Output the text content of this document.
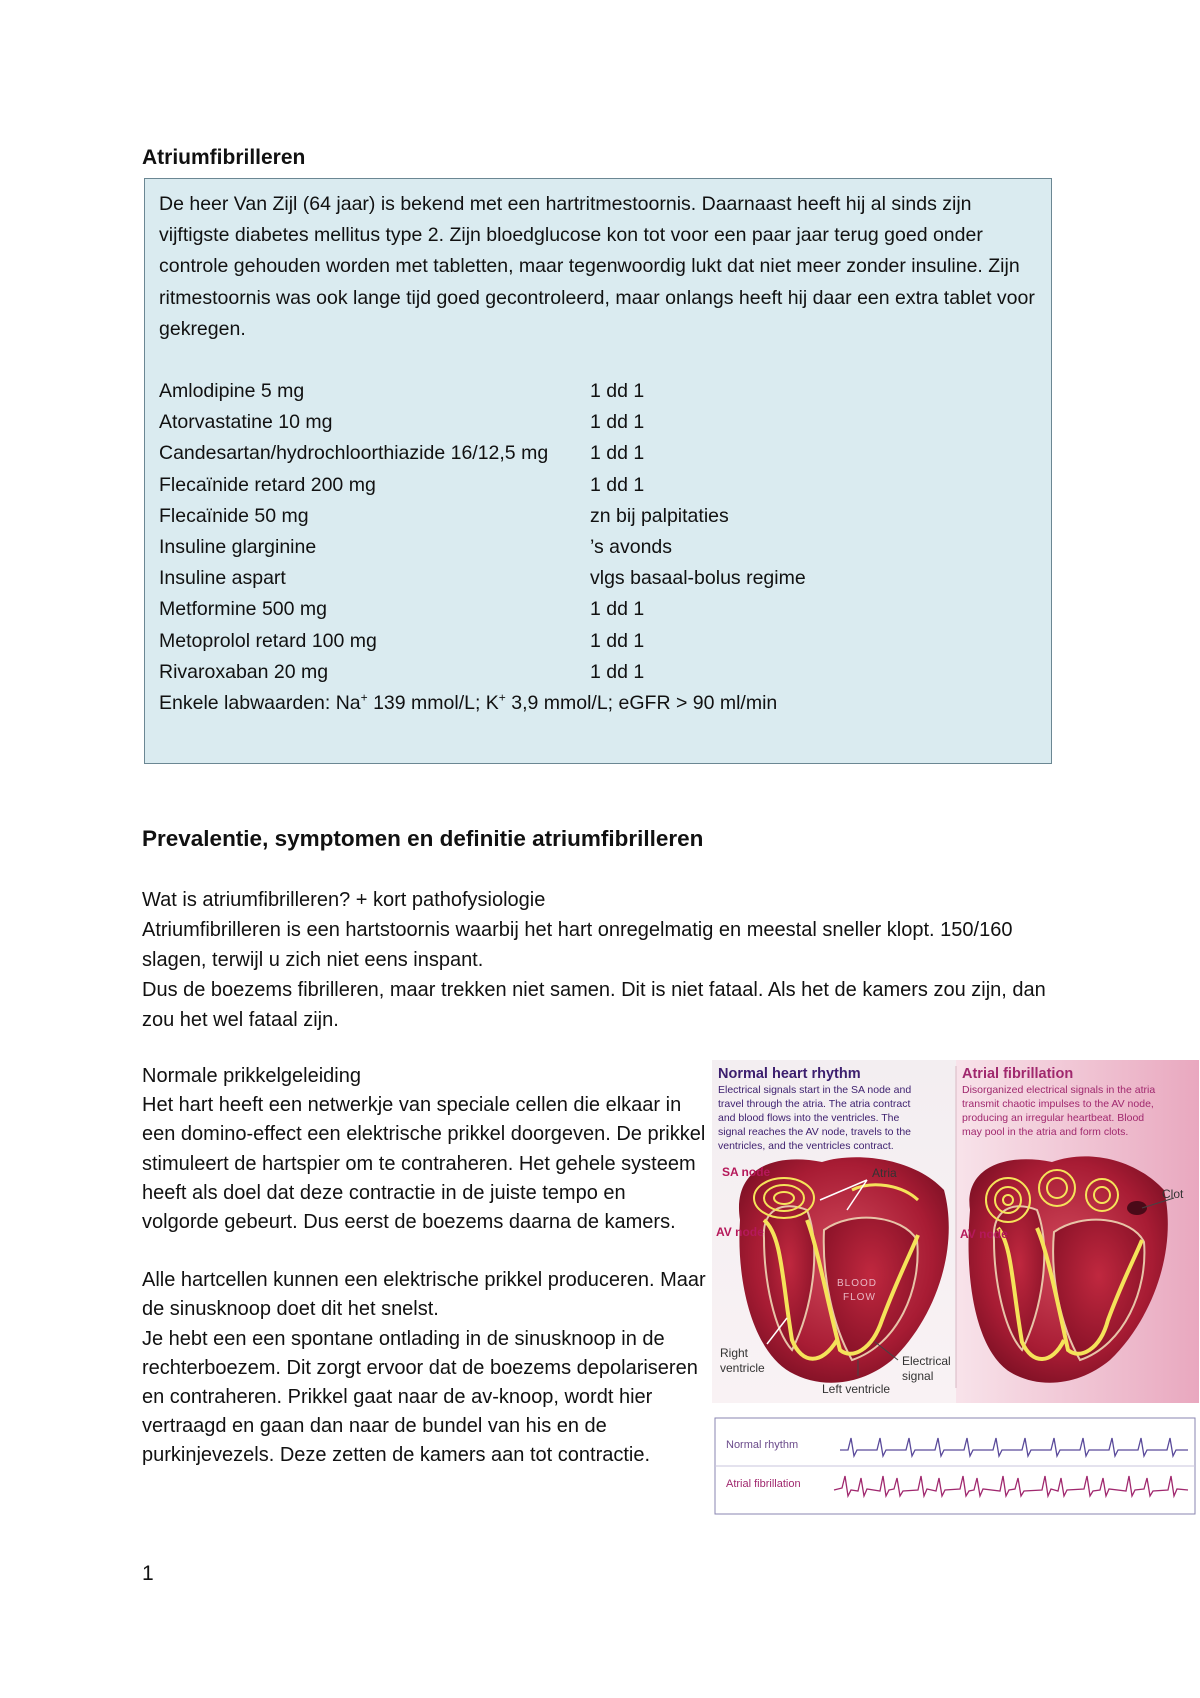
Atriumfibrilleren

De heer Van Zijl (64 jaar) is bekend met een hartritmestoornis. Daarnaast heeft hij al sinds zijn vijftigste diabetes mellitus type 2. Zijn bloedglucose kon tot voor een paar jaar terug goed onder controle gehouden worden met tabletten, maar tegenwoordig lukt dat niet meer zonder insuline. Zijn ritmestoornis was ook lange tijd goed gecontroleerd, maar onlangs heeft hij daar een extra tablet voor gekregen.

Amlodipine 5 mg	1 dd 1
Atorvastatine 10 mg	1 dd 1
Candesartan/hydrochloorthiazide 16/12,5 mg	1 dd 1
Flecaïnide retard 200 mg	1 dd 1
Flecaïnide 50 mg	zn bij palpitaties
Insuline glarginine	’s avonds
Insuline aspart	vlgs basaal-bolus regime
Metformine 500 mg	1 dd 1
Metoprolol retard 100 mg	1 dd 1
Rivaroxaban 20 mg	1 dd 1

Enkele labwaarden: Na+ 139 mmol/L; K+ 3,9 mmol/L; eGFR > 90 ml/min

Prevalentie, symptomen en definitie atriumfibrilleren

Wat is atriumfibrilleren? + kort pathofysiologie

Atriumfibrilleren is een hartstoornis waarbij het hart onregelmatig en meestal sneller klopt. 150/160 slagen, terwijl u zich niet eens inspant.

Dus de boezems fibrilleren, maar trekken niet samen. Dit is niet fataal. Als het de kamers zou zijn, dan zou het wel fataal zijn.

Normale prikkelgeleiding

Het hart heeft een netwerkje van speciale cellen die elkaar in een domino-effect een elektrische prikkel doorgeven. De prikkel stimuleert de hartspier om te contraheren. Het gehele systeem heeft als doel dat deze contractie in de juiste tempo en volgorde gebeurt. Dus eerst de boezems daarna de kamers.

Alle hartcellen kunnen een elektrische prikkel produceren. Maar de sinusknoop doet dit het snelst.

Je hebt een een spontane ontlading in de sinusknoop in de rechterboezem. Dit zorgt ervoor dat de boezems depolariseren en contraheren. Prikkel gaat naar de av-knoop, wordt hier vertraagd en gaan dan naar de bundel van his en de purkinjevezels. Deze zetten de kamers aan tot contractie.

Normal heart rhythm	Atrial fibrillation
Electrical signals start in the SA node and
travel through the atria. The atria contract
and blood flows into the ventricles. The
signal reaches the AV node, travels to the
ventricles, and the ventricles contract.
Disorganized electrical signals in the atria
transmit chaotic impulses to the AV node,
producing an irregular heartbeat. Blood
may pool in the atria and form clots.
SA node	Atria
AV node	AV node
Clot
BLOOD
FLOW
Right
ventricle	Electrical
signal
Left ventricle
Normal rhythm
Atrial fibrillation
1
